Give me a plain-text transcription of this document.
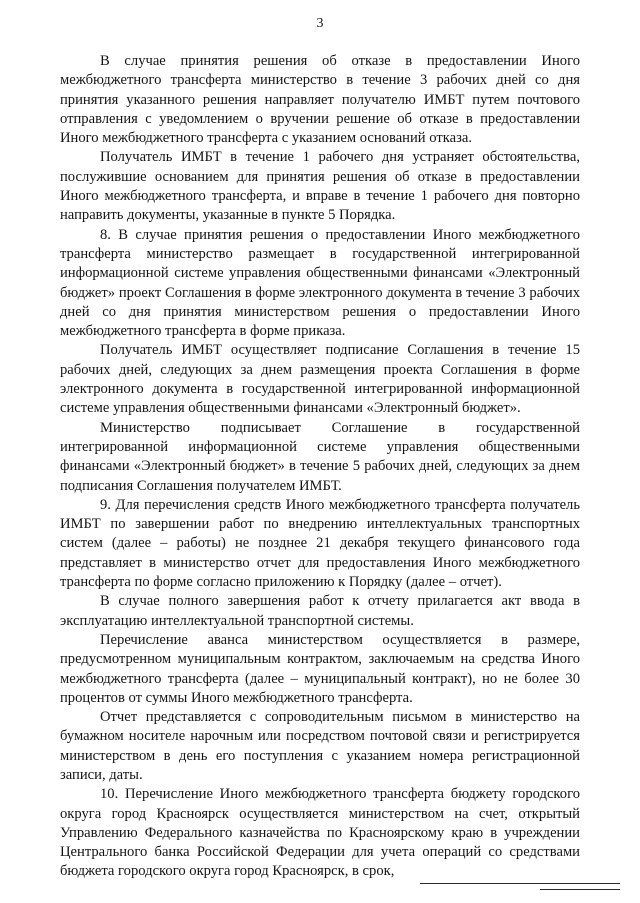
3

В случае принятия решения об отказе в предоставлении Иного межбюджетного трансферта министерство в течение 3 рабочих дней со дня принятия указанного решения направляет получателю ИМБТ путем почтового отправления с уведомлением о вручении решение об отказе в предоставлении Иного межбюджетного трансферта с указанием оснований отказа.

Получатель ИМБТ в течение 1 рабочего дня устраняет обстоятельства, послужившие основанием для принятия решения об отказе в предоставлении Иного межбюджетного трансферта, и вправе в течение 1 рабочего дня повторно направить документы, указанные в пункте 5 Порядка.

8. В случае принятия решения о предоставлении Иного межбюджетного трансферта министерство размещает в государственной интегрированной информационной системе управления общественными финансами «Электронный бюджет» проект Соглашения в форме электронного документа в течение 3 рабочих дней со дня принятия министерством решения о предоставлении Иного межбюджетного трансферта в форме приказа.

Получатель ИМБТ осуществляет подписание Соглашения в течение 15 рабочих дней, следующих за днем размещения проекта Соглашения в форме электронного документа в государственной интегрированной информационной системе управления общественными финансами «Электронный бюджет».

Министерство подписывает Соглашение в государственной интегрированной информационной системе управления общественными финансами «Электронный бюджет» в течение 5 рабочих дней, следующих за днем подписания Соглашения получателем ИМБТ.

9. Для перечисления средств Иного межбюджетного трансферта получатель ИМБТ по завершении работ по внедрению интеллектуальных транспортных систем (далее – работы) не позднее 21 декабря текущего финансового года представляет в министерство отчет для предоставления Иного межбюджетного трансферта по форме согласно приложению к Порядку (далее – отчет).

В случае полного завершения работ к отчету прилагается акт ввода в эксплуатацию интеллектуальной транспортной системы.

Перечисление аванса министерством осуществляется в размере, предусмотренном муниципальным контрактом, заключаемым на средства Иного межбюджетного трансферта (далее – муниципальный контракт), но не более 30 процентов от суммы Иного межбюджетного трансферта.

Отчет представляется с сопроводительным письмом в министерство на бумажном носителе нарочным или посредством почтовой связи и регистрируется министерством в день его поступления с указанием номера регистрационной записи, даты.

10. Перечисление Иного межбюджетного трансферта бюджету городского округа город Красноярск осуществляется министерством на счет, открытый Управлению Федерального казначейства по Красноярскому краю в учреждении Центрального банка Российской Федерации для учета операций со средствами бюджета городского округа город Красноярск, в срок,
